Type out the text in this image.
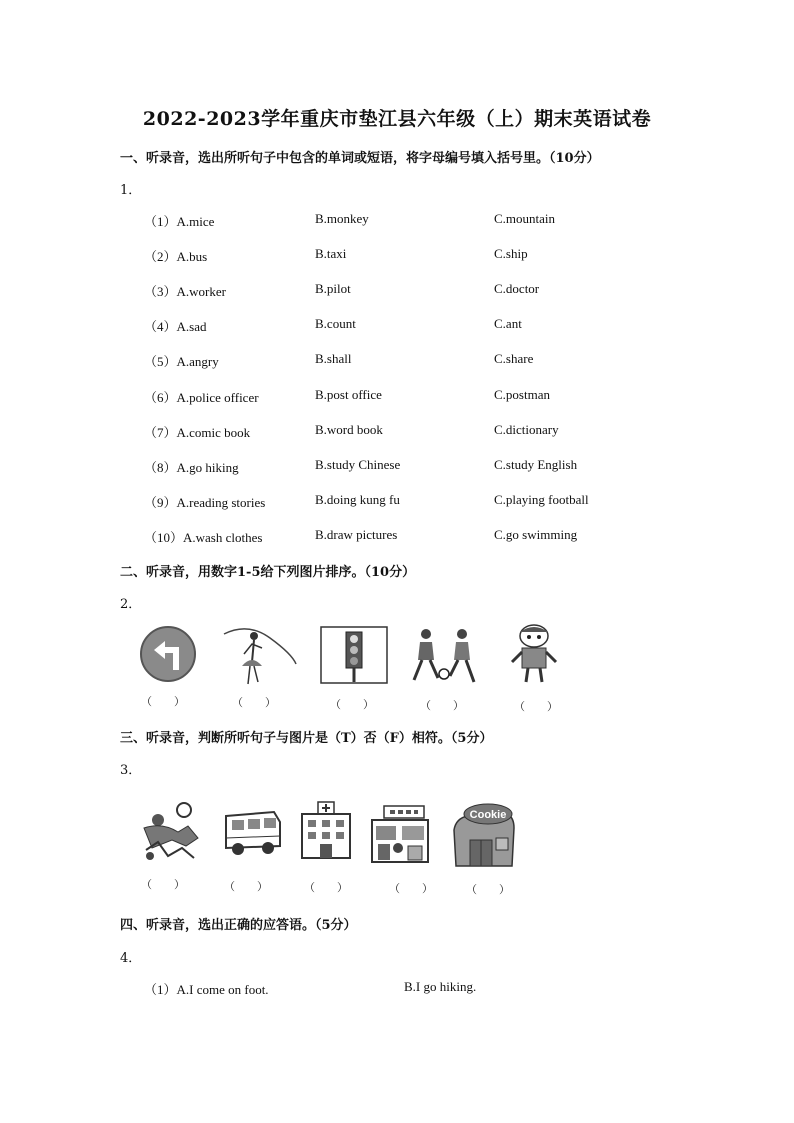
2022-2023学年重庆市垫江县六年级（上）期末英语试卷
一、听录音，选出所听句子中包含的单词或短语，将字母编号填入括号里。（10分）
1．
（1）A.mice	B.monkey	C.mountain
（2）A.bus	B.taxi	C.ship
（3）A.worker	B.pilot	C.doctor
（4）A.sad	B.count	C.ant
（5）A.angry	B.shall	C.share
（6）A.police officer	B.post office	C.postman
（7）A.comic book	B.word book	C.dictionary
（8）A.go hiking	B.study Chinese	C.study English
（9）A.reading stories	B.doing kung fu	C.playing football
（10）A.wash clothes	B.draw pictures	C.go swimming
二、听录音，用数字1-5给下列图片排序。（10分）
2．
（　　）	（　　）	（　　）	（　　）	（　　）
三、听录音，判断所听句子与图片是（T）否（F）相符。（5分）
3．
Cookie
（　　）	（　　）	（　　）	（　　）	（　　）
四、听录音，选出正确的应答语。（5分）
4．
（1）A.I come on foot.	B.I go hiking.
